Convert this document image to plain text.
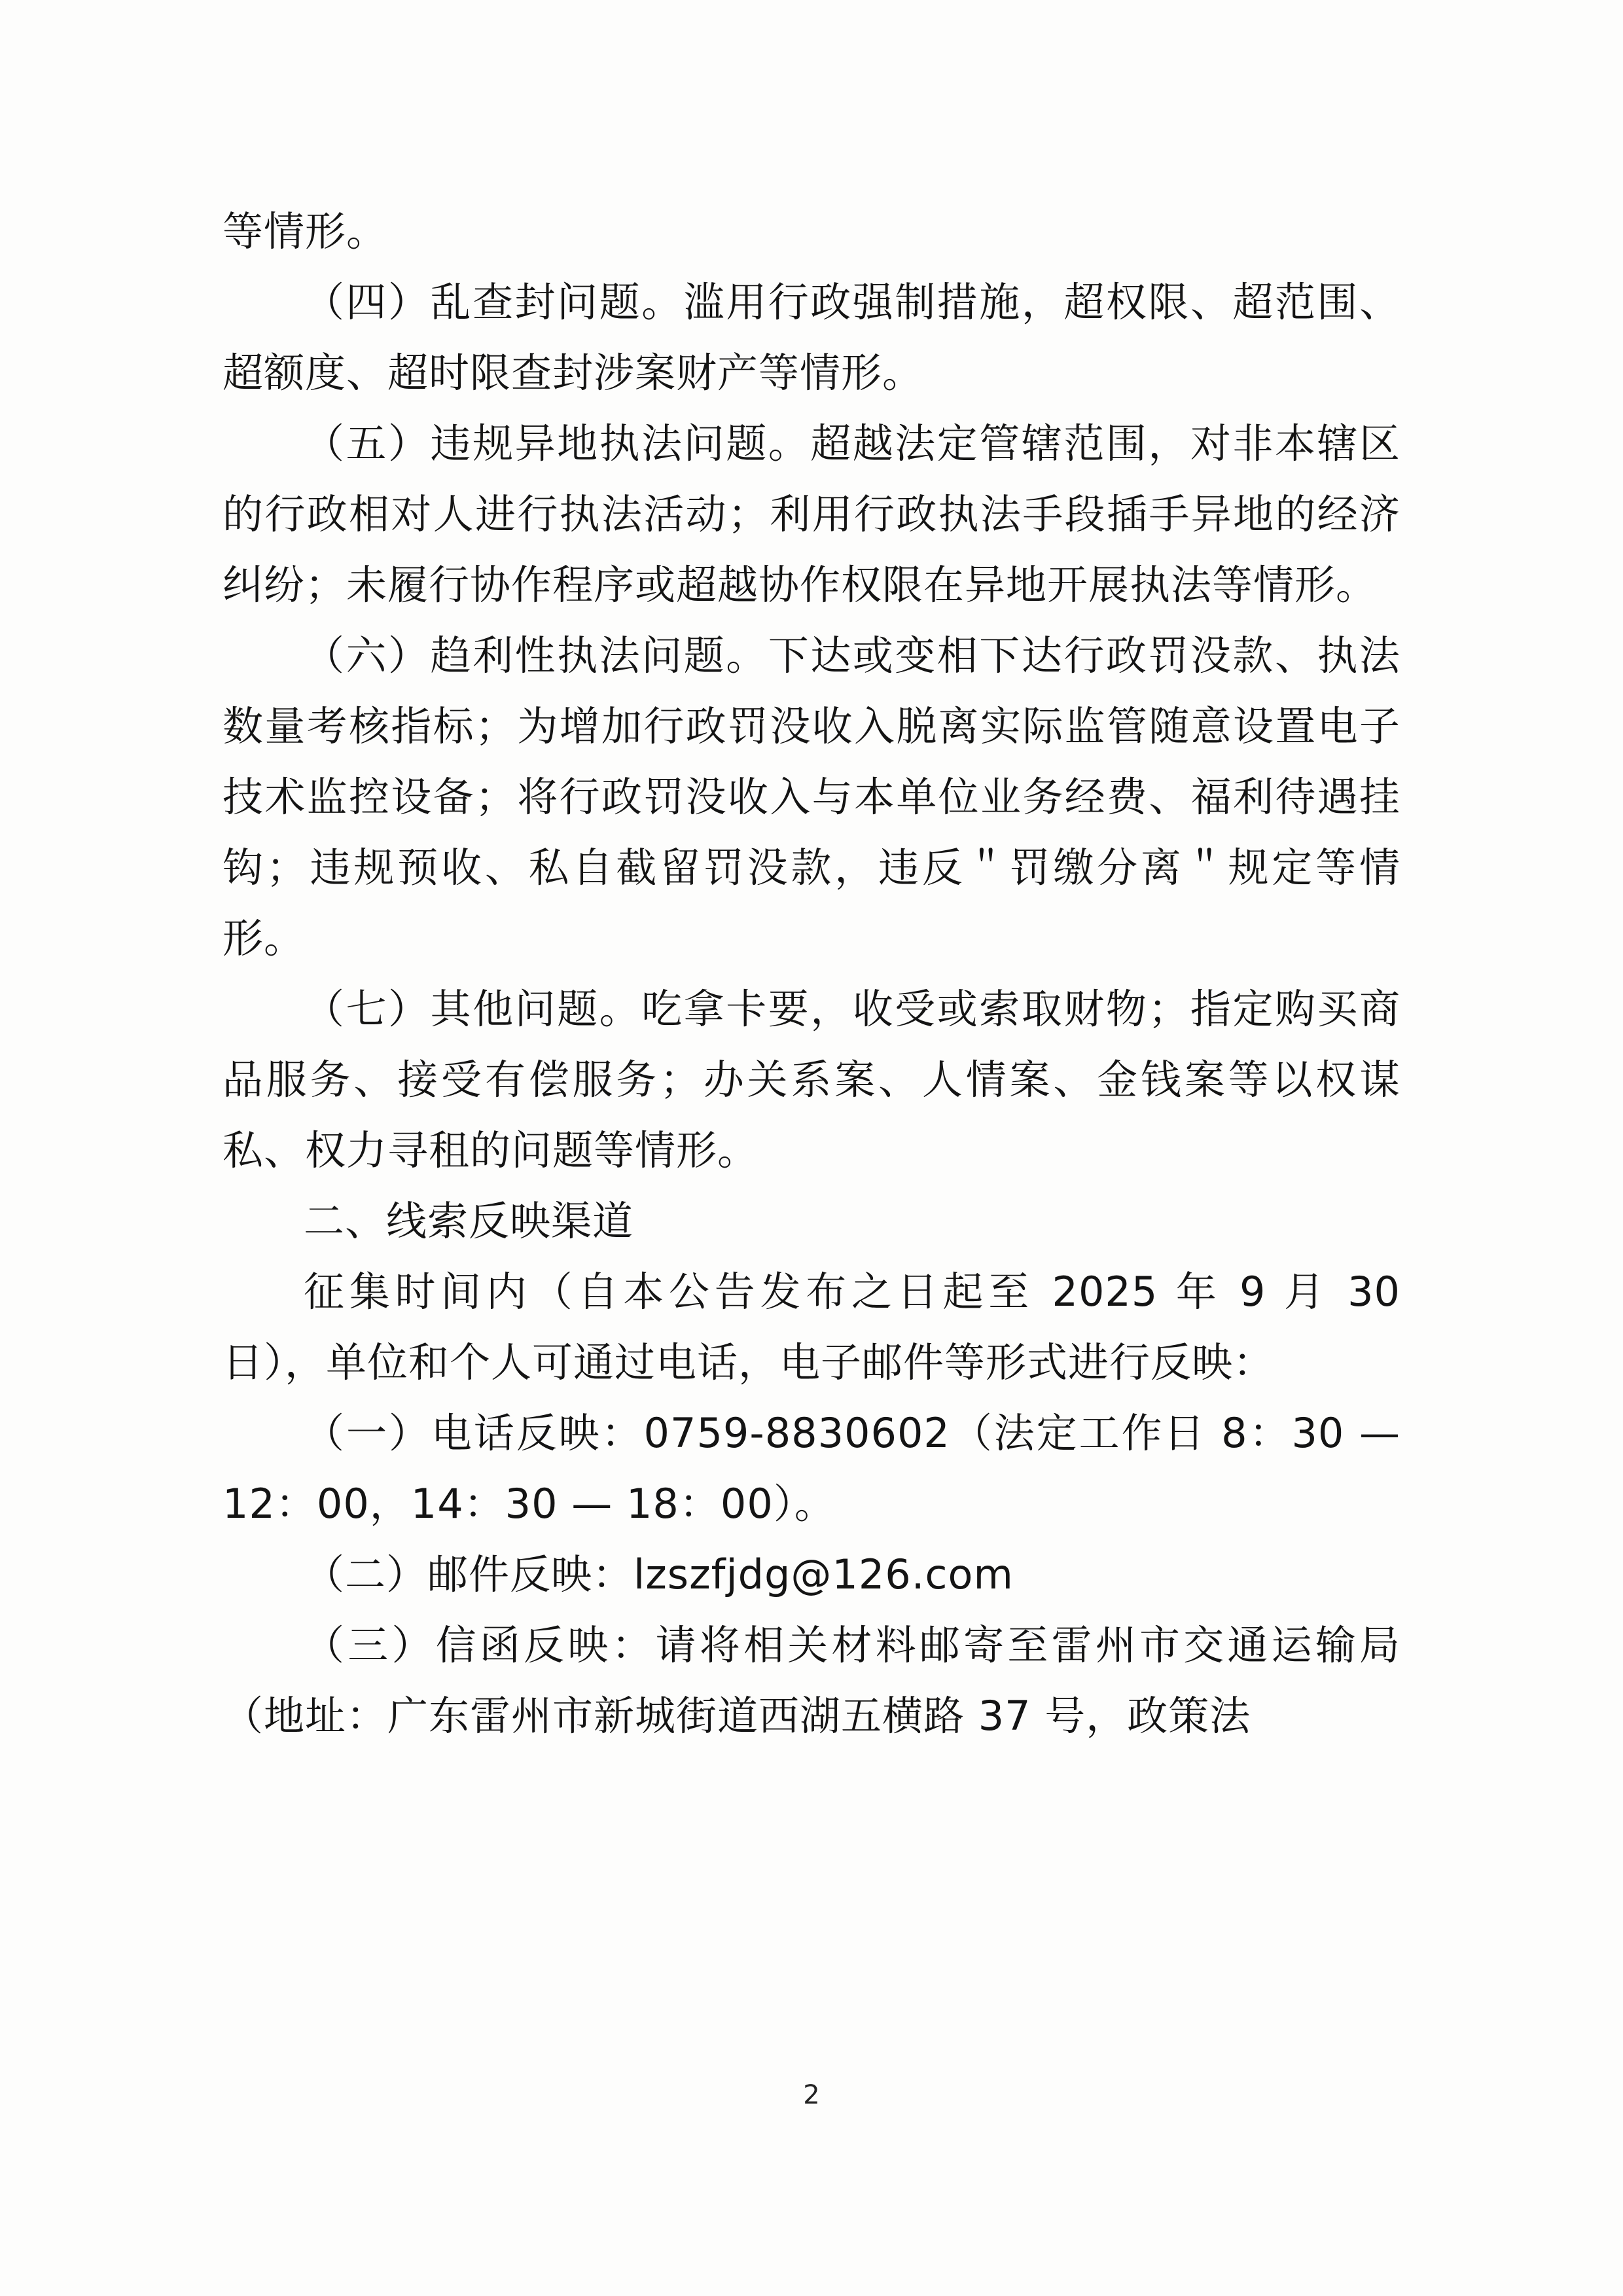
等情形。

（四）乱查封问题。滥用行政强制措施，超权限、超范围、超额度、超时限查封涉案财产等情形。

（五）违规异地执法问题。超越法定管辖范围，对非本辖区的行政相对人进行执法活动；利用行政执法手段插手异地的经济纠纷；未履行协作程序或超越协作权限在异地开展执法等情形。

（六）趋利性执法问题。下达或变相下达行政罚没款、执法数量考核指标；为增加行政罚没收入脱离实际监管随意设置电子技术监控设备；将行政罚没收入与本单位业务经费、福利待遇挂钩；违规预收、私自截留罚没款，违反＂罚缴分离＂规定等情形。

（七）其他问题。吃拿卡要，收受或索取财物；指定购买商品服务、接受有偿服务；办关系案、人情案、金钱案等以权谋私、权力寻租的问题等情形。

二、线索反映渠道

征集时间内（自本公告发布之日起至 2025 年 9 月 30 日），单位和个人可通过电话，电子邮件等形式进行反映：

（一）电话反映：0759‐8830602（法定工作日 8：30 — 12：00，14：30 — 18：00）。

（二）邮件反映：lzszfjdg@126.com

（三）信函反映：请将相关材料邮寄至雷州市交通运输局（地址：广东雷州市新城街道西湖五横路 37 号，政策法

2
